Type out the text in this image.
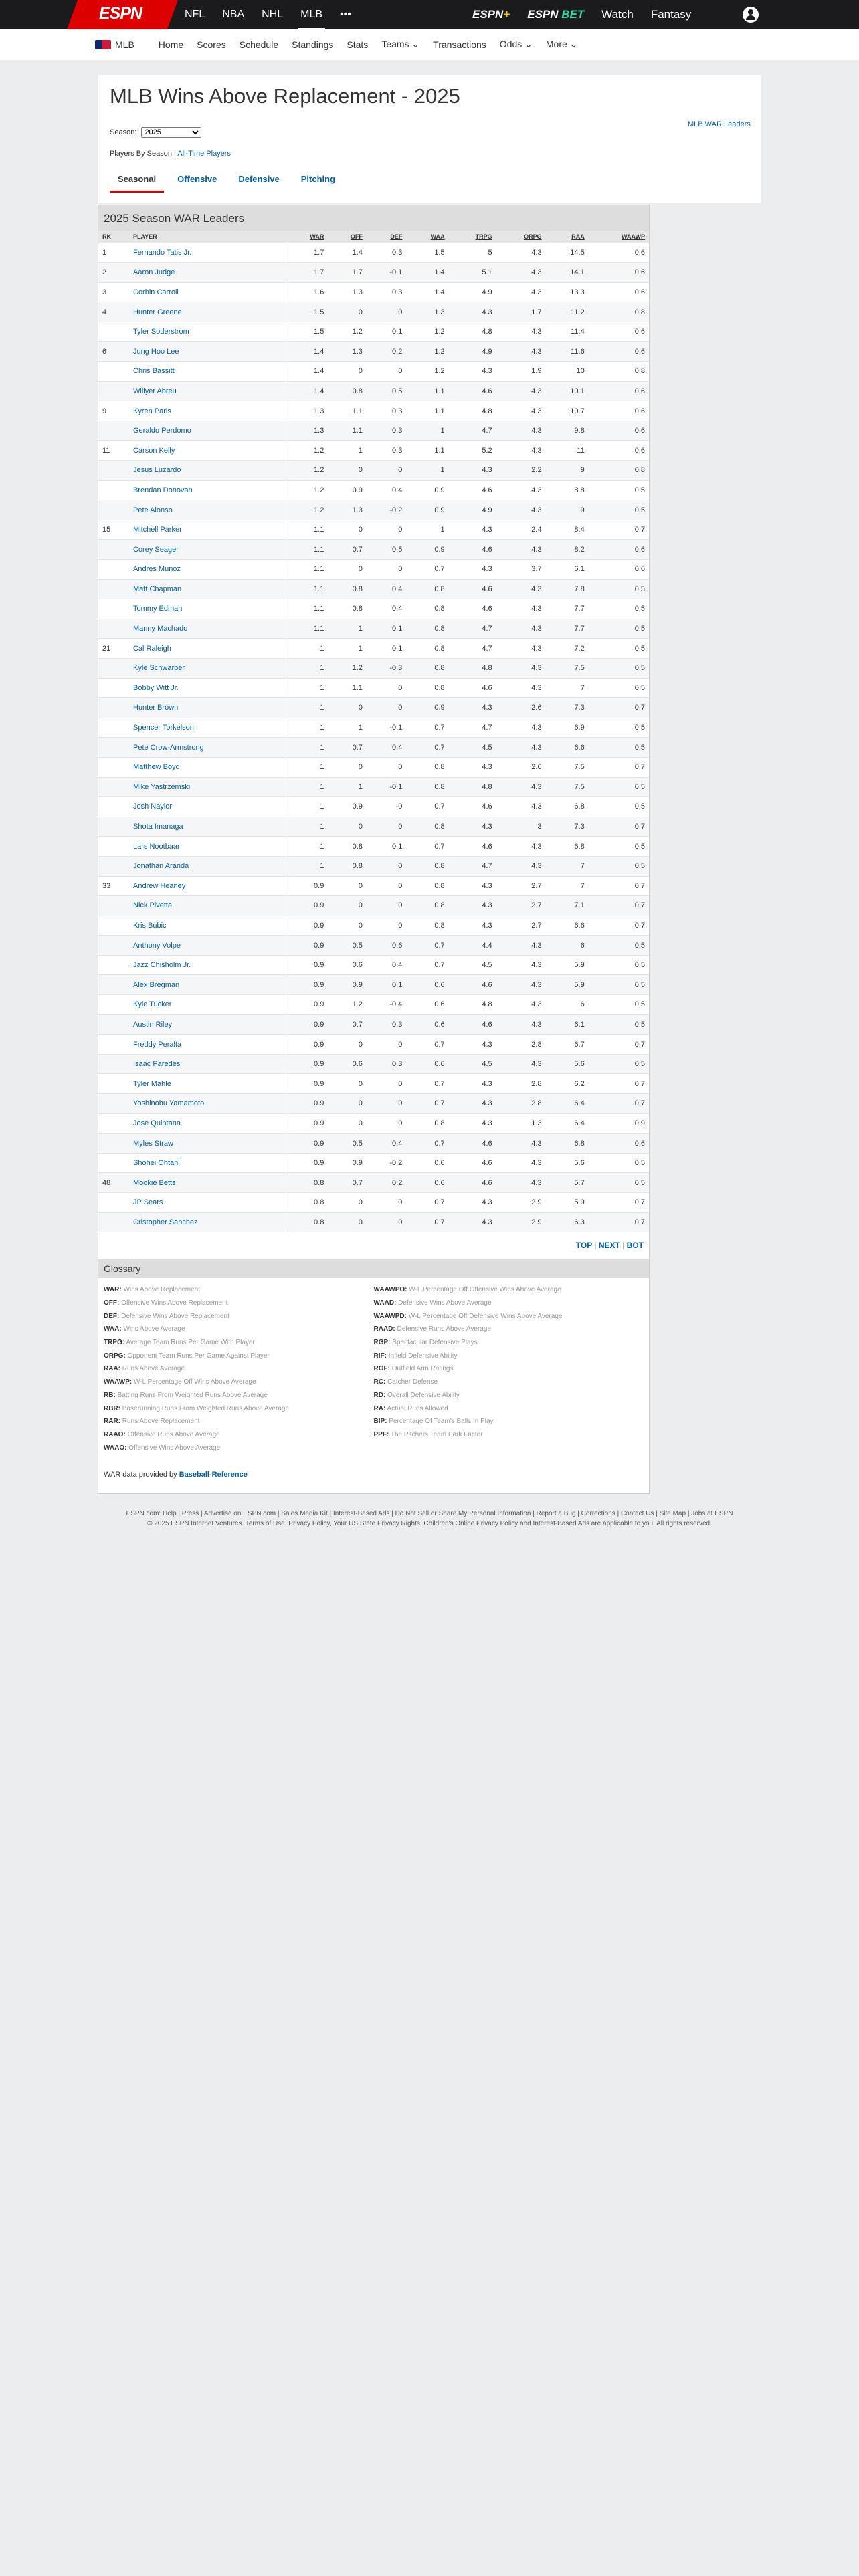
ESPN	NFL NBA NHL MLB •••	ESPN+ ESPN BET Watch Fantasy
MLB	Home Scores Schedule Standings Stats Teams ⌄ Transactions Odds ⌄ More ⌄
MLB Wins Above Replacement - 2025
Season:
2025
MLB WAR Leaders
Players By Season | All-Time Players
Seasonal	Offensive	Defensive	Pitching
2025 Season WAR Leaders
RK	PLAYER	WAR	OFF	DEF	WAA	TRPG	ORPG	RAA	WAAWP
1	Fernando Tatis Jr.	1.7	1.4	0.3	1.5	5	4.3	14.5	0.6
2	Aaron Judge	1.7	1.7	-0.1	1.4	5.1	4.3	14.1	0.6
3	Corbin Carroll	1.6	1.3	0.3	1.4	4.9	4.3	13.3	0.6
4	Hunter Greene	1.5	0	0	1.3	4.3	1.7	11.2	0.8
	Tyler Soderstrom	1.5	1.2	0.1	1.2	4.8	4.3	11.4	0.6
6	Jung Hoo Lee	1.4	1.3	0.2	1.2	4.9	4.3	11.6	0.6
	Chris Bassitt	1.4	0	0	1.2	4.3	1.9	10	0.8
	Willyer Abreu	1.4	0.8	0.5	1.1	4.6	4.3	10.1	0.6
9	Kyren Paris	1.3	1.1	0.3	1.1	4.8	4.3	10.7	0.6
	Geraldo Perdomo	1.3	1.1	0.3	1	4.7	4.3	9.8	0.6
11	Carson Kelly	1.2	1	0.3	1.1	5.2	4.3	11	0.6
	Jesus Luzardo	1.2	0	0	1	4.3	2.2	9	0.8
	Brendan Donovan	1.2	0.9	0.4	0.9	4.6	4.3	8.8	0.5
	Pete Alonso	1.2	1.3	-0.2	0.9	4.9	4.3	9	0.5
15	Mitchell Parker	1.1	0	0	1	4.3	2.4	8.4	0.7
	Corey Seager	1.1	0.7	0.5	0.9	4.6	4.3	8.2	0.6
	Andres Munoz	1.1	0	0	0.7	4.3	3.7	6.1	0.6
	Matt Chapman	1.1	0.8	0.4	0.8	4.6	4.3	7.8	0.5
	Tommy Edman	1.1	0.8	0.4	0.8	4.6	4.3	7.7	0.5
	Manny Machado	1.1	1	0.1	0.8	4.7	4.3	7.7	0.5
21	Cal Raleigh	1	1	0.1	0.8	4.7	4.3	7.2	0.5
	Kyle Schwarber	1	1.2	-0.3	0.8	4.8	4.3	7.5	0.5
	Bobby Witt Jr.	1	1.1	0	0.8	4.6	4.3	7	0.5
	Hunter Brown	1	0	0	0.9	4.3	2.6	7.3	0.7
	Spencer Torkelson	1	1	-0.1	0.7	4.7	4.3	6.9	0.5
	Pete Crow-Armstrong	1	0.7	0.4	0.7	4.5	4.3	6.6	0.5
	Matthew Boyd	1	0	0	0.8	4.3	2.6	7.5	0.7
	Mike Yastrzemski	1	1	-0.1	0.8	4.8	4.3	7.5	0.5
	Josh Naylor	1	0.9	-0	0.7	4.6	4.3	6.8	0.5
	Shota Imanaga	1	0	0	0.8	4.3	3	7.3	0.7
	Lars Nootbaar	1	0.8	0.1	0.7	4.6	4.3	6.8	0.5
	Jonathan Aranda	1	0.8	0	0.8	4.7	4.3	7	0.5
33	Andrew Heaney	0.9	0	0	0.8	4.3	2.7	7	0.7
	Nick Pivetta	0.9	0	0	0.8	4.3	2.7	7.1	0.7
	Kris Bubic	0.9	0	0	0.8	4.3	2.7	6.6	0.7
	Anthony Volpe	0.9	0.5	0.6	0.7	4.4	4.3	6	0.5
	Jazz Chisholm Jr.	0.9	0.6	0.4	0.7	4.5	4.3	5.9	0.5
	Alex Bregman	0.9	0.9	0.1	0.6	4.6	4.3	5.9	0.5
	Kyle Tucker	0.9	1.2	-0.4	0.6	4.8	4.3	6	0.5
	Austin Riley	0.9	0.7	0.3	0.6	4.6	4.3	6.1	0.5
	Freddy Peralta	0.9	0	0	0.7	4.3	2.8	6.7	0.7
	Isaac Paredes	0.9	0.6	0.3	0.6	4.5	4.3	5.6	0.5
	Tyler Mahle	0.9	0	0	0.7	4.3	2.8	6.2	0.7
	Yoshinobu Yamamoto	0.9	0	0	0.7	4.3	2.8	6.4	0.7
	Jose Quintana	0.9	0	0	0.8	4.3	1.3	6.4	0.9
	Myles Straw	0.9	0.5	0.4	0.7	4.6	4.3	6.8	0.6
	Shohei Ohtani	0.9	0.9	-0.2	0.6	4.6	4.3	5.6	0.5
48	Mookie Betts	0.8	0.7	0.2	0.6	4.6	4.3	5.7	0.5
	JP Sears	0.8	0	0	0.7	4.3	2.9	5.9	0.7
	Cristopher Sanchez	0.8	0	0	0.7	4.3	2.9	6.3	0.7
TOP | NEXT | BOT
Glossary
WAR: Wins Above Replacement
OFF: Offensive Wins Above Replacement
DEF: Defensive Wins Above Replacement
WAA: Wins Above Average
TRPG: Average Team Runs Per Game With Player
ORPG: Opponent Team Runs Per Game Against Player
RAA: Runs Above Average
WAAWP: W-L Percentage Off Wins Above Average
RB: Batting Runs From Weighted Runs Above Average
RBR: Baserunning Runs From Weighted Runs Above Average
RAR: Runs Above Replacement
RAAO: Offensive Runs Above Average
WAAO: Offensive Wins Above Average
WAAWPO: W-L Percentage Off Offensive Wins Above Average
WAAD: Defensive Wins Above Average
WAAWPD: W-L Percentage Off Defensive Wins Above Average
RAAD: Defensive Runs Above Average
RGP: Spectacular Defensive Plays
RIF: Infield Defensive Ability
ROF: Outfield Arm Ratings
RC: Catcher Defense
RD: Overall Defensive Ability
RA: Actual Runs Allowed
BIP: Percentage Of Team's Balls In Play
PPF: The Pitchers Team Park Factor
WAR data provided by Baseball-Reference
ESPN.com: Help | Press | Advertise on ESPN.com | Sales Media Kit | Interest-Based Ads | Do Not Sell or Share My Personal Information | Report a Bug | Corrections | Contact Us | Site Map | Jobs at ESPN
© 2025 ESPN Internet Ventures. Terms of Use, Privacy Policy, Your US State Privacy Rights, Children's Online Privacy Policy and Interest-Based Ads are applicable to you. All rights reserved.
